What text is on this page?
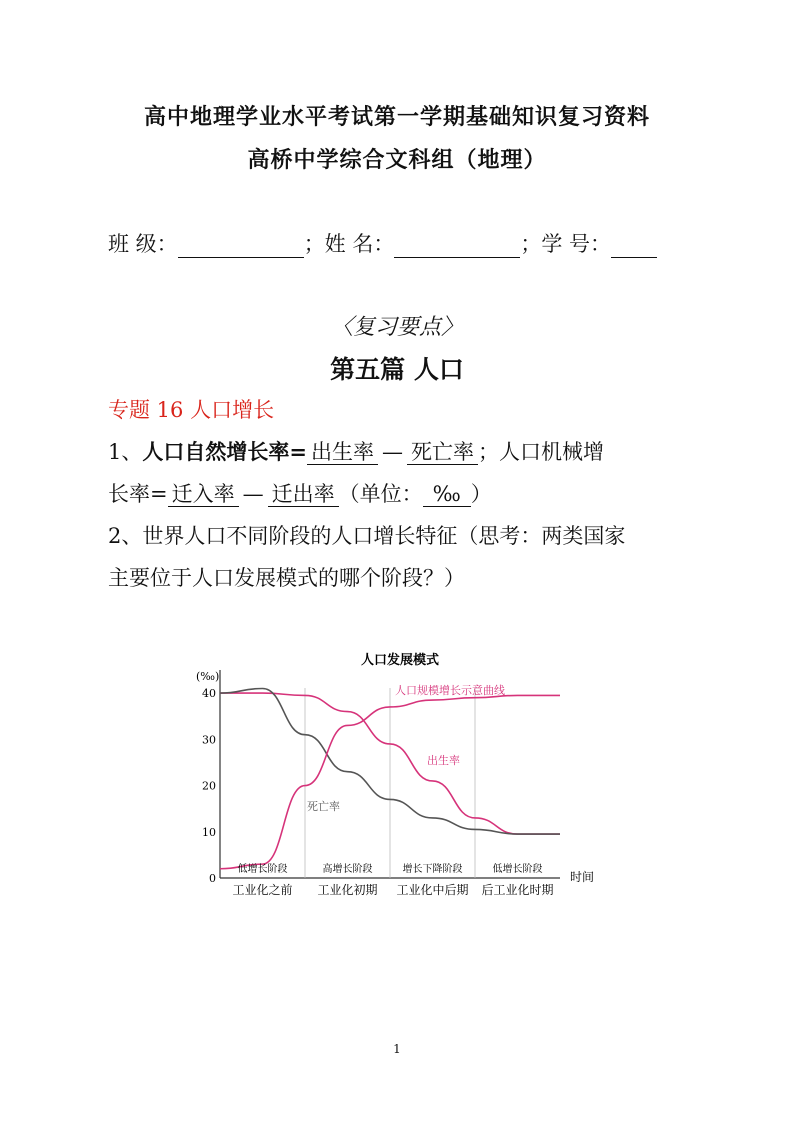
高中地理学业水平考试第一学期基础知识复习资料
高桥中学综合文科组（地理）
班 级：	；姓 名：	；学 号：
〈复习要点〉
第五篇 人口
专题 16 人口增长
1、人口自然增长率= 出生率 — 死亡率 ；人口机械增
长率= 迁入率 — 迁出率 （单位： ‰ ）
2、世界人口不同阶段的人口增长特征（思考：两类国家
主要位于人口发展模式的哪个阶段？）
人口发展模式
(‰)
0
10
20
30
40
低增长阶段	高增长阶段	增长下降阶段	低增长阶段
工业化之前 工业化初期 工业化中后期 后工业化时期
时间
人口规模增长示意曲线
出生率
死亡率
1
